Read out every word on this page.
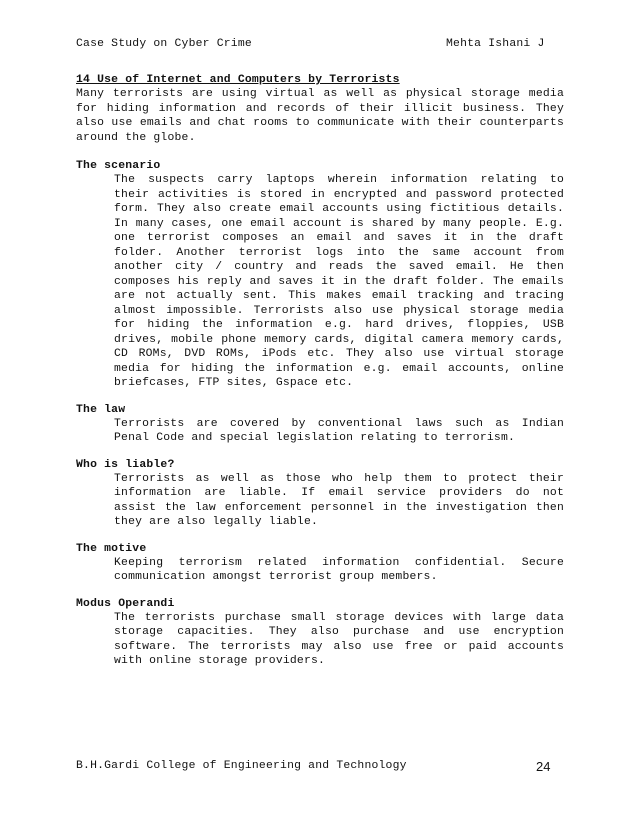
Case Study on Cyber Crime	Mehta Ishani J

14 Use of Internet and Computers by Terrorists

Many terrorists are using virtual as well as physical storage media for hiding information and records of their illicit business. They also use emails and chat rooms to communicate with their counterparts around the globe.

The scenario

The suspects carry laptops wherein information relating to their activities is stored in encrypted and password protected form. They also create email accounts using fictitious details. In many cases, one email account is shared by many people. E.g. one terrorist composes an email and saves it in the draft folder. Another terrorist logs into the same account from another city / country and reads the saved email. He then composes his reply and saves it in the draft folder. The emails are not actually sent. This makes email tracking and tracing almost impossible. Terrorists also use physical storage media for hiding the information e.g. hard drives, floppies, USB drives, mobile phone memory cards, digital camera memory cards, CD ROMs, DVD ROMs, iPods etc. They also use virtual storage media for hiding the information e.g. email accounts, online briefcases, FTP sites, Gspace etc.

The law

Terrorists are covered by conventional laws such as Indian Penal Code and special legislation relating to terrorism.

Who is liable?

Terrorists as well as those who help them to protect their information are liable. If email service providers do not assist the law enforcement personnel in the investigation then they are also legally liable.

The motive

Keeping terrorism related information confidential. Secure communication amongst terrorist group members.

Modus Operandi

The terrorists purchase small storage devices with large data storage capacities. They also purchase and use encryption software. The terrorists may also use free or paid accounts with online storage providers.

B.H.Gardi College of Engineering and Technology	24
